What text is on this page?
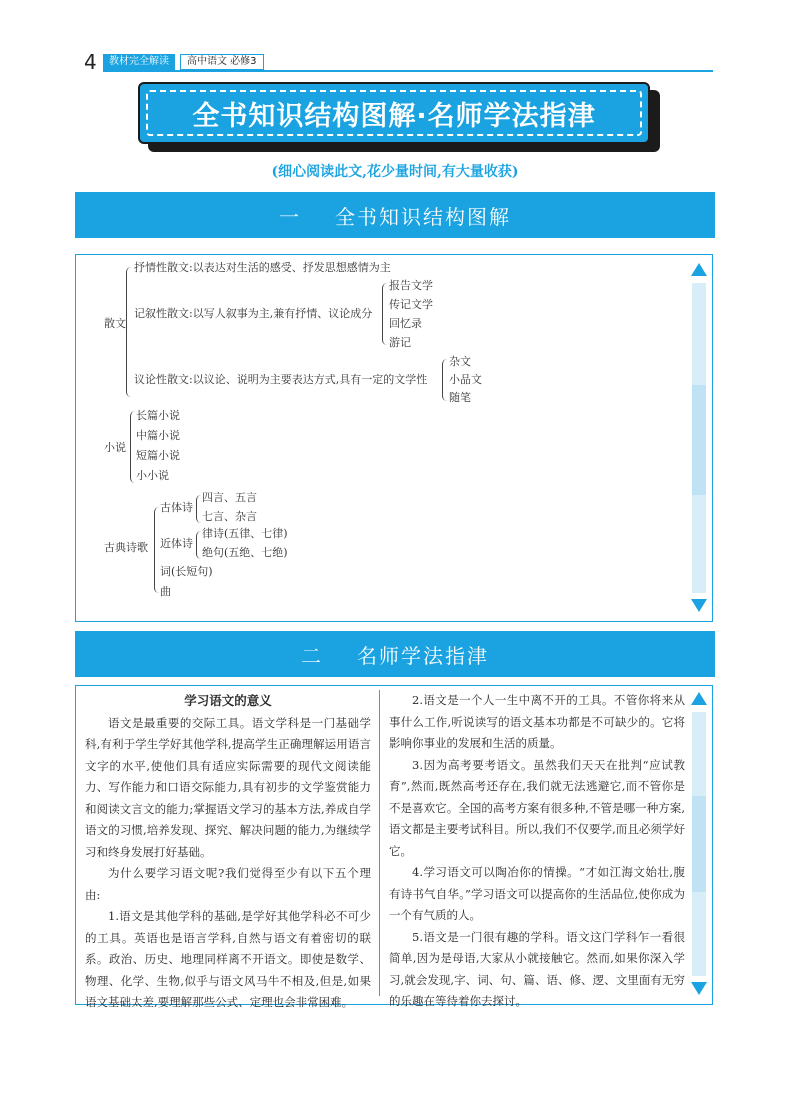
4	教材完全解读	高中语文 必修3
全书知识结构图解·名师学法指津
(细心阅读此文,花少量时间,有大量收获)
一 全书知识结构图解
散文
抒情性散文:以表达对生活的感受、抒发思想感情为主
记叙性散文:以写人叙事为主,兼有抒情、议论成分
报告文学
传记文学
回忆录
游记
议论性散文:以议论、说明为主要表达方式,具有一定的文学性
杂文
小品文
随笔
小说
长篇小说
中篇小说
短篇小说
小小说
古典诗歌
古体诗
四言、五言
七言、杂言
近体诗
律诗(五律、七律)
绝句(五绝、七绝)
词(长短句)
曲
二 名师学法指津

学习语文的意义

语文是最重要的交际工具。语文学科是一门基础学科,有利于学生学好其他学科,提高学生正确理解运用语言文字的水平,使他们具有适应实际需要的现代文阅读能力、写作能力和口语交际能力,具有初步的文学鉴赏能力和阅读文言文的能力;掌握语文学习的基本方法,养成自学语文的习惯,培养发现、探究、解决问题的能力,为继续学习和终身发展打好基础。

为什么要学习语文呢?我们觉得至少有以下五个理由:

1.语文是其他学科的基础,是学好其他学科必不可少的工具。英语也是语言学科,自然与语文有着密切的联系。政治、历史、地理同样离不开语文。即使是数学、物理、化学、生物,似乎与语文风马牛不相及,但是,如果语文基础太差,要理解那些公式、定理也会非常困难。

2.语文是一个人一生中离不开的工具。不管你将来从事什么工作,听说读写的语文基本功都是不可缺少的。它将影响你事业的发展和生活的质量。

3.因为高考要考语文。虽然我们天天在批判“应试教育”,然而,既然高考还存在,我们就无法逃避它,而不管你是不是喜欢它。全国的高考方案有很多种,不管是哪一种方案,语文都是主要考试科目。所以,我们不仅要学,而且必须学好它。

4.学习语文可以陶冶你的情操。“才如江海文始壮,腹有诗书气自华。”学习语文可以提高你的生活品位,使你成为一个有气质的人。

5.语文是一门很有趣的学科。语文这门学科乍一看很简单,因为是母语,大家从小就接触它。然而,如果你深入学习,就会发现,字、词、句、篇、语、修、逻、文里面有无穷的乐趣在等待着你去探讨。
